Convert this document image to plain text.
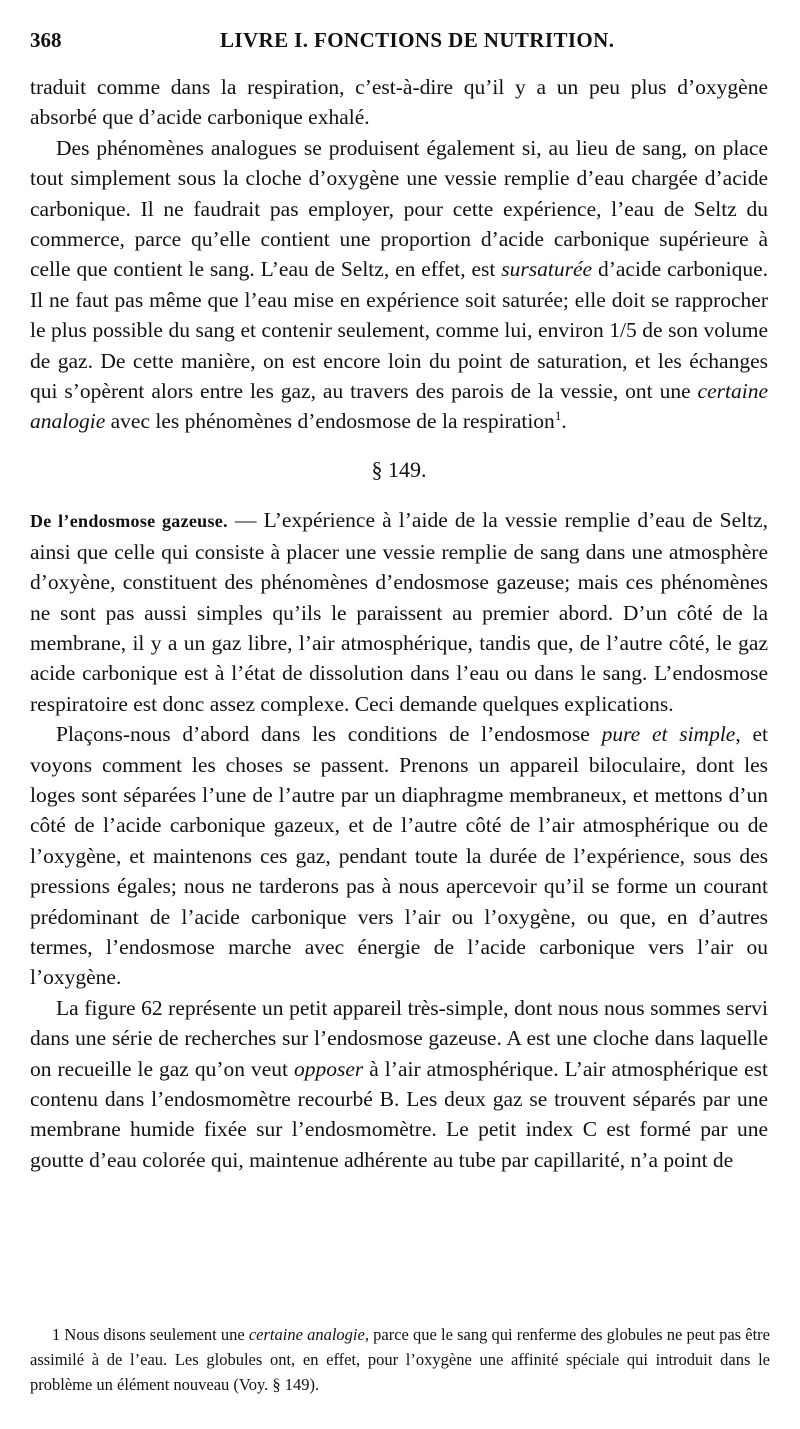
368	LIVRE I. FONCTIONS DE NUTRITION.

traduit comme dans la respiration, c’est-à-dire qu’il y a un peu plus d’oxygène absorbé que d’acide carbonique exhalé.

Des phénomènes analogues se produisent également si, au lieu de sang, on place tout simplement sous la cloche d’oxygène une vessie remplie d’eau chargée d’acide carbonique. Il ne faudrait pas employer, pour cette expérience, l’eau de Seltz du commerce, parce qu’elle contient une proportion d’acide carbonique supérieure à celle que contient le sang. L’eau de Seltz, en effet, est sursaturée d’acide carbonique. Il ne faut pas même que l’eau mise en expérience soit saturée; elle doit se rapprocher le plus possible du sang et contenir seulement, comme lui, environ 1/5 de son volume de gaz. De cette manière, on est encore loin du point de saturation, et les échanges qui s’opèrent alors entre les gaz, au travers des parois de la vessie, ont une certaine analogie avec les phénomènes d’endosmose de la respiration$^1$.

§ 149.

De l’endosmose gazeuse. — L’expérience à l’aide de la vessie remplie d’eau de Seltz, ainsi que celle qui consiste à placer une vessie remplie de sang dans une atmosphère d’oxyène, constituent des phénomènes d’endosmose gazeuse; mais ces phénomènes ne sont pas aussi simples qu’ils le paraissent au premier abord. D’un côté de la membrane, il y a un gaz libre, l’air atmosphérique, tandis que, de l’autre côté, le gaz acide carbonique est à l’état de dissolution dans l’eau ou dans le sang. L’endosmose respiratoire est donc assez complexe. Ceci demande quelques explications.

Plaçons-nous d’abord dans les conditions de l’endosmose pure et simple, et voyons comment les choses se passent. Prenons un appareil biloculaire, dont les loges sont séparées l’une de l’autre par un diaphragme membraneux, et mettons d’un côté de l’acide carbonique gazeux, et de l’autre côté de l’air atmosphérique ou de l’oxygène, et maintenons ces gaz, pendant toute la durée de l’expérience, sous des pressions égales; nous ne tarderons pas à nous apercevoir qu’il se forme un courant prédominant de l’acide carbonique vers l’air ou l’oxygène, ou que, en d’autres termes, l’endosmose marche avec énergie de l’acide carbonique vers l’air ou l’oxygène.

La figure 62 représente un petit appareil très-simple, dont nous nous sommes servi dans une série de recherches sur l’endosmose gazeuse. A est une cloche dans laquelle on recueille le gaz qu’on veut opposer à l’air atmosphérique. L’air atmosphérique est contenu dans l’endosmomètre recourbé B. Les deux gaz se trouvent séparés par une membrane humide fixée sur l’endosmomètre. Le petit index C est formé par une goutte d’eau colorée qui, maintenue adhérente au tube par capillarité, n’a point de

1 Nous disons seulement une certaine analogie, parce que le sang qui renferme des globules ne peut pas être assimilé à de l’eau. Les globules ont, en effet, pour l’oxygène une affinité spéciale qui introduit dans le problème un élément nouveau (Voy. § 149).
